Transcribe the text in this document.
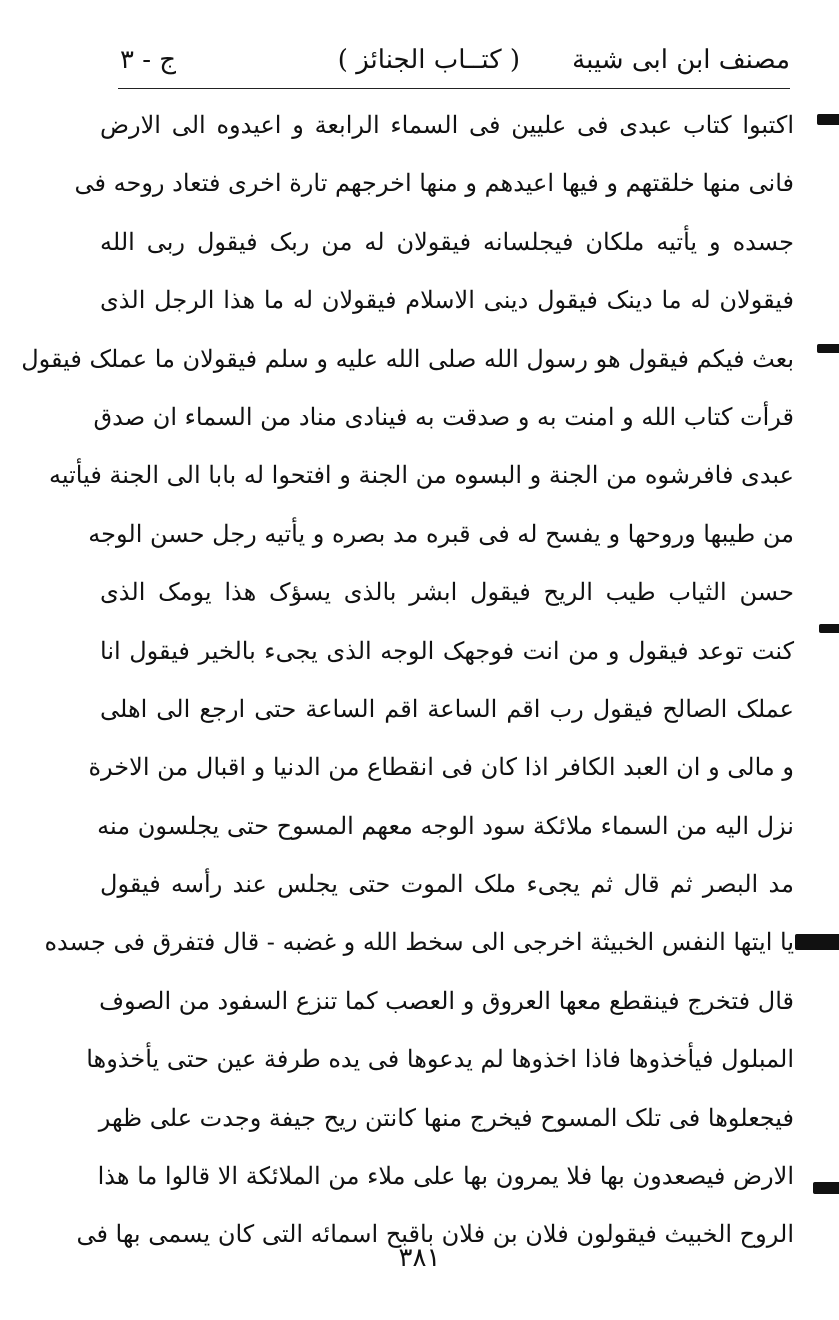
مصنف ابن ابی شیبة
( کتــاب الجنائز )
ج - ٣
اکتبوا کتاب عبدی فی علیین فی السماء الرابعة و اعیدوه الی الارض
فانی منها خلقتهم و فیها اعیدهم و منها اخرجهم تارة اخری فتعاد روحه فی
جسده و یأتیه ملکان فیجلسانه فیقولان له من ربک فیقول ربی الله
فیقولان له ما دینک فیقول دینی الاسلام فیقولان له ما هذا الرجل الذی
بعث فیکم فیقول هو رسول الله صلی الله علیه و سلم فیقولان ما عملک فیقول
قرأت کتاب الله و امنت به و صدقت به فینادی مناد من السماء ان صدق
عبدی فافرشوه من الجنة و البسوه من الجنة و افتحوا له بابا الی الجنة فیأتیه
من طیبها وروحها و یفسح له فی قبره مد بصره و یأتیه رجل حسن الوجه
حسن الثیاب طیب الریح فیقول ابشر بالذی یسؤک هذا یومک الذی
کنت توعد فیقول و من انت فوجهک الوجه الذی یجیء بالخیر فیقول انا
عملک الصالح فیقول رب اقم الساعة اقم الساعة حتی ارجع الی اهلی
و مالی و ان العبد الکافر اذا کان فی انقطاع من الدنیا و اقبال من الاخرة
نزل الیه من السماء ملائکة سود الوجه معهم المسوح حتی یجلسون منه
مد البصر ثم قال ثم یجیء ملک الموت حتی یجلس عند رأسه فیقول
یا ایتها النفس الخبیثة اخرجی الی سخط الله و غضبه - قال فتفرق فی جسده
قال فتخرج فینقطع معها العروق و العصب کما تنزع السفود من الصوف
المبلول فیأخذوها فاذا اخذوها لم یدعوها فی یده طرفة عین حتی یأخذوها
فیجعلوها فی تلک المسوح فیخرج منها کانتن ریح جیفة وجدت علی ظهر
الارض فیصعدون بها فلا یمرون بها علی ملاء من الملائکة الا قالوا ما هذا
الروح الخبیث فیقولون فلان بن فلان باقبح اسمائه التی کان یسمی بها فی
٣٨١
